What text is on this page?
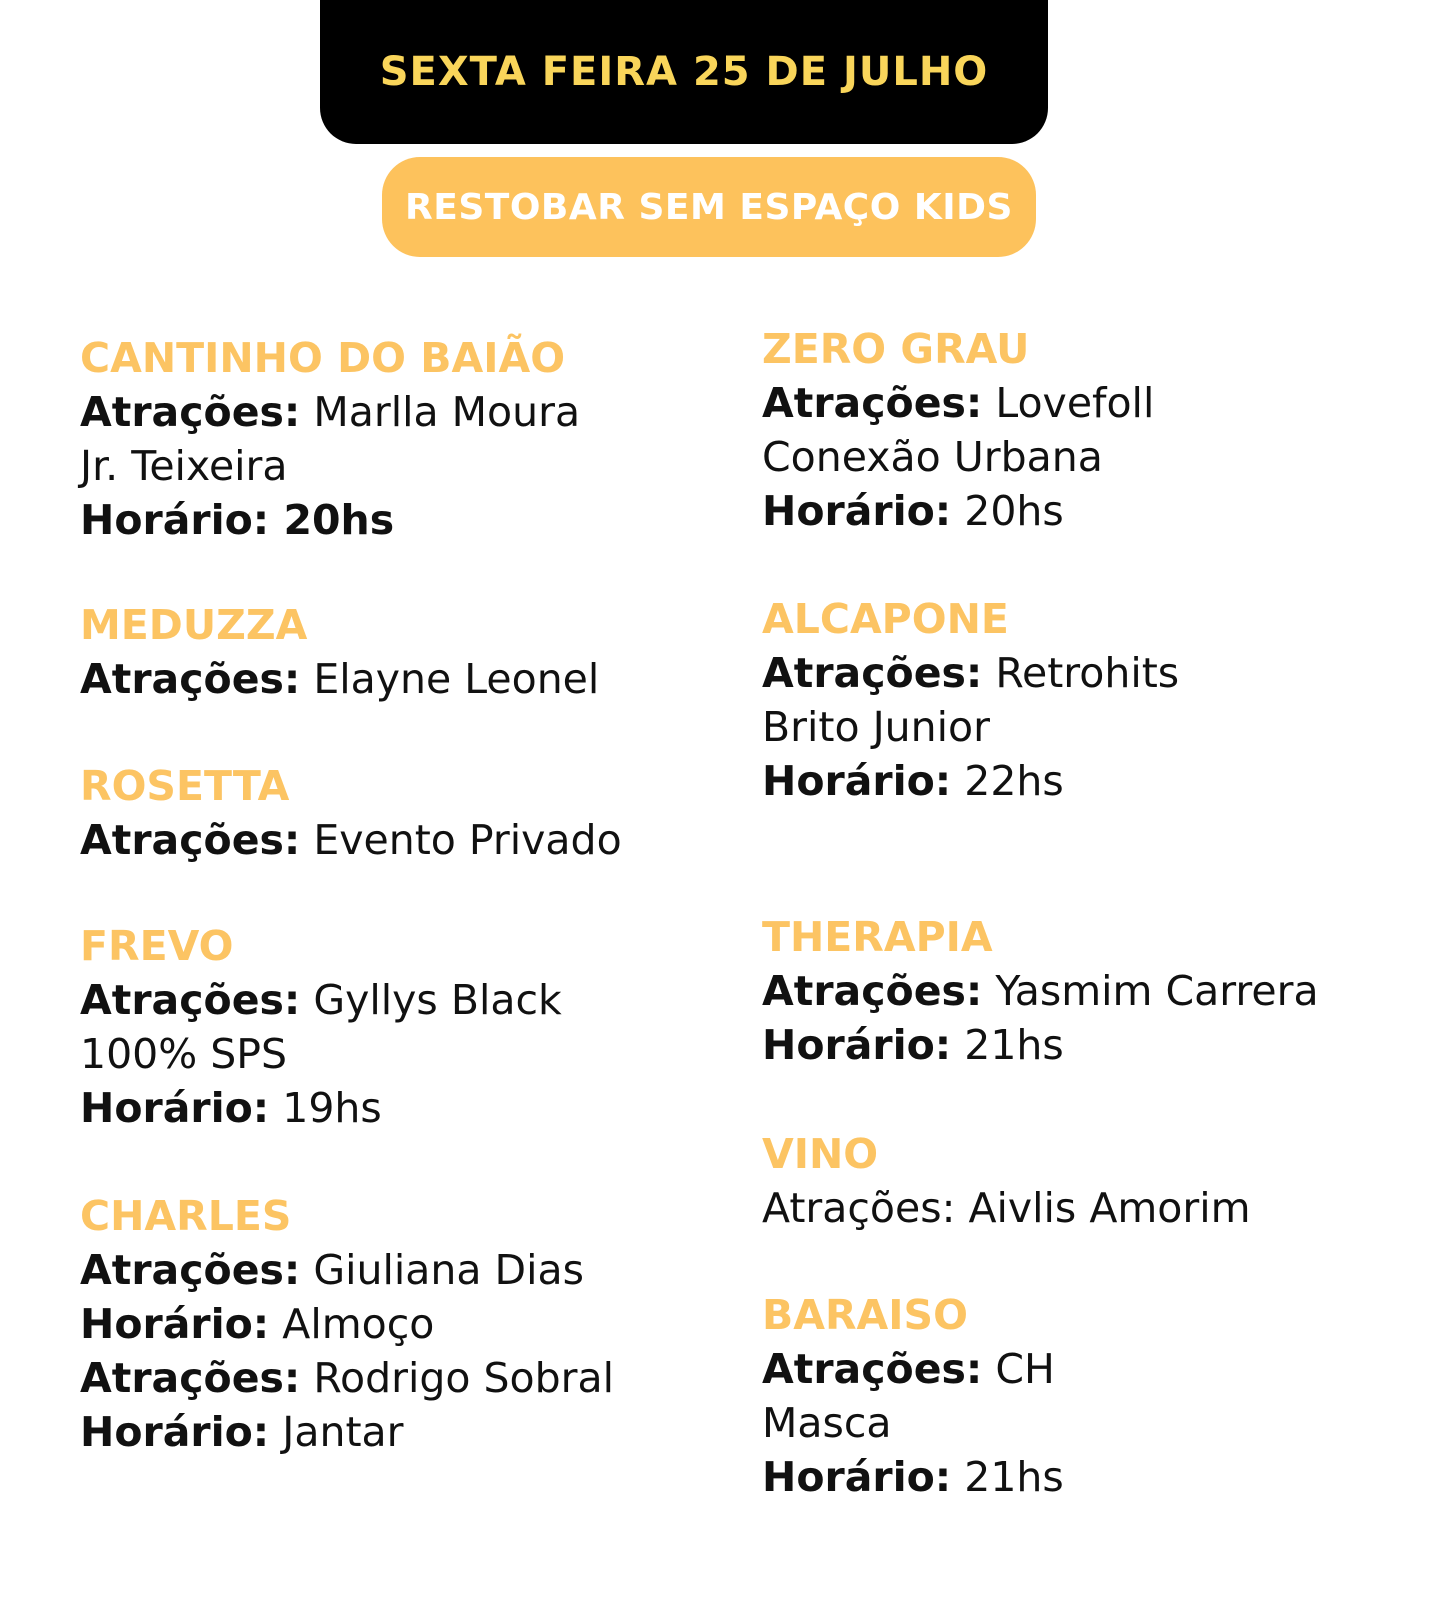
SEXTA FEIRA 25 DE JULHO
RESTOBAR SEM ESPAÇO KIDS
CANTINHO DO BAIÃO
Atrações: Marlla Moura
Jr. Teixeira
Horário: 20hs
MEDUZZA
Atrações: Elayne Leonel
ROSETTA
Atrações: Evento Privado
FREVO
Atrações: Gyllys Black
100% SPS
Horário: 19hs
CHARLES
Atrações: Giuliana Dias
Horário: Almoço
Atrações: Rodrigo Sobral
Horário: Jantar
ZERO GRAU
Atrações: Lovefoll
Conexão Urbana
Horário: 20hs
ALCAPONE
Atrações: Retrohits
Brito Junior
Horário: 22hs
THERAPIA
Atrações: Yasmim Carrera
Horário: 21hs
VINO
Atrações: Aivlis Amorim
BARAISO
Atrações: CH
Masca
Horário: 21hs
